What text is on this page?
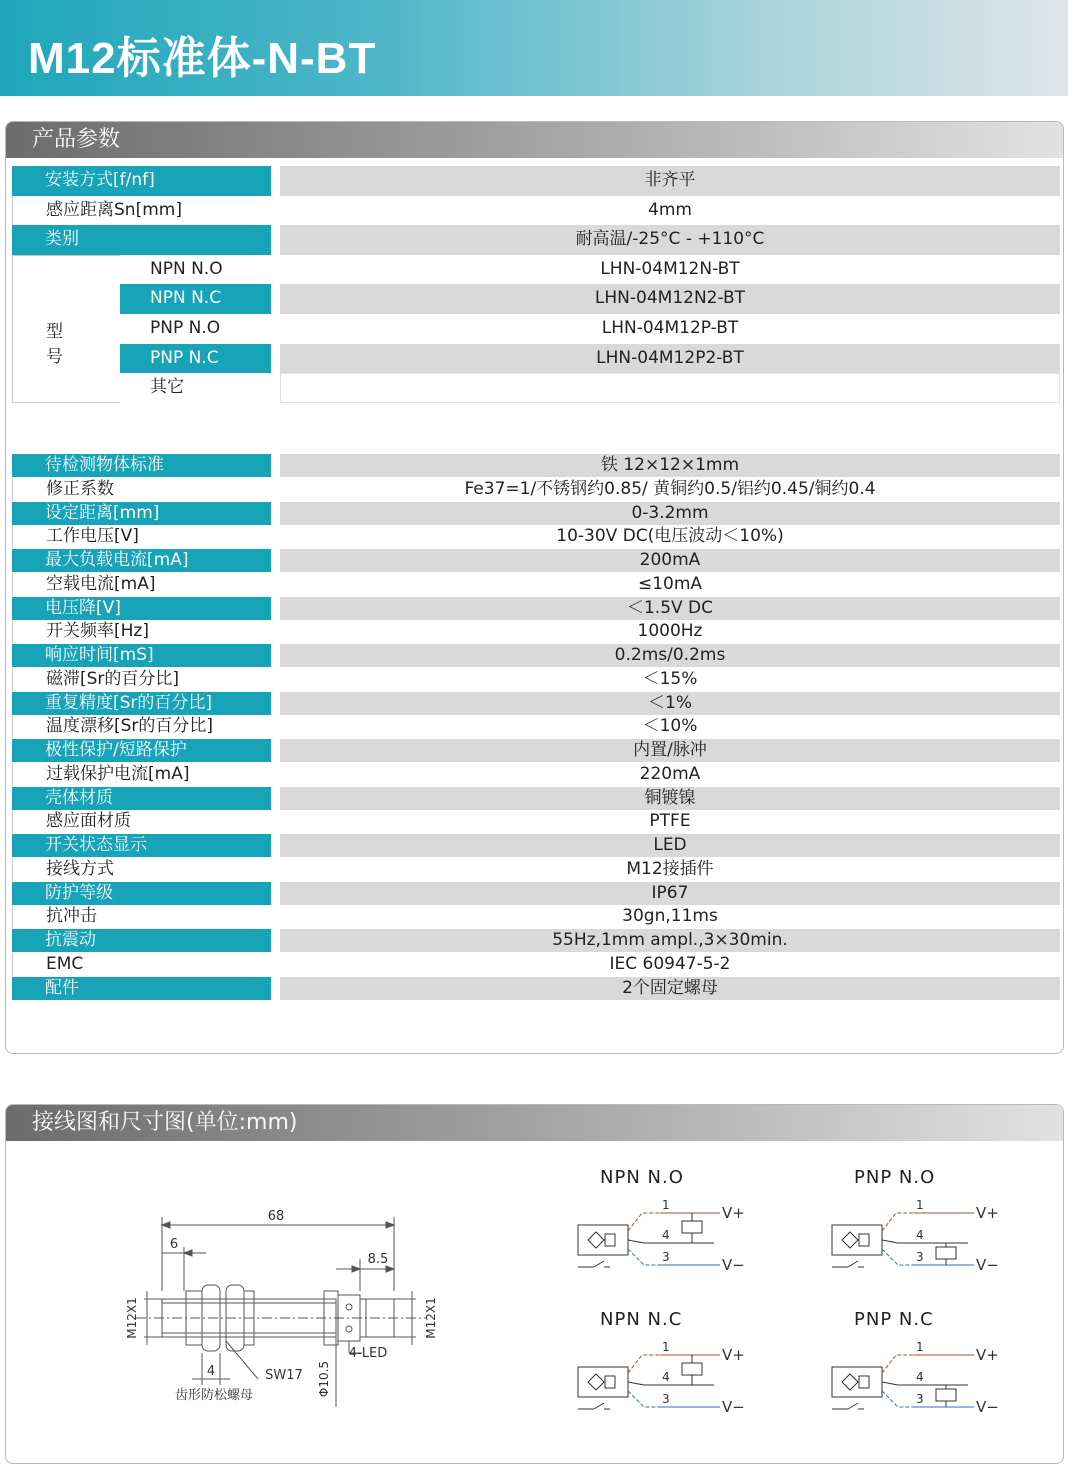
M12标准体-N-BT
产品参数
安装方式[f/nf]	非齐平
感应距离Sn[mm]	4mm
类别	耐高温/-25°C - +110°C
型号
NPN N.O	LHN-04M12N-BT
NPN N.C	LHN-04M12N2-BT
PNP N.O	LHN-04M12P-BT
PNP N.C	LHN-04M12P2-BT
其它
待检测物体标准	铁 12×12×1mm
修正系数	Fe37=1/不锈钢约0.85/ 黄铜约0.5/铝约0.45/铜约0.4
设定距离[mm]	0-3.2mm
工作电压[V]	10-30V DC(电压波动＜10%)
最大负载电流[mA]	200mA
空载电流[mA]	≤10mA
电压降[V]	＜1.5V DC
开关频率[Hz]	1000Hz
响应时间[mS]	0.2ms/0.2ms
磁滞[Sr的百分比]	＜15%
重复精度[Sr的百分比]	＜1%
温度漂移[Sr的百分比]	＜10%
极性保护/短路保护	内置/脉冲
过载保护电流[mA]	220mA
壳体材质	铜镀镍
感应面材质	PTFE
开关状态显示	LED
接线方式	M12接插件
防护等级	IP67
抗冲击	30gn,11ms
抗震动	55Hz,1mm ampl.,3×30min.
EMC	IEC 60947-5-2
配件	2个固定螺母
接线图和尺寸图(单位:mm)
68
6
8.5
M12X1	M12X1
4	SW17 Φ10.5
4-LED
齿形防松螺母
NPN N.O
1
4
3
V+
V−
PNP N.O
1
4
3
V+
V−
NPN N.C
1
4
3
V+
V−
PNP N.C
1
4
3
V+
V−
